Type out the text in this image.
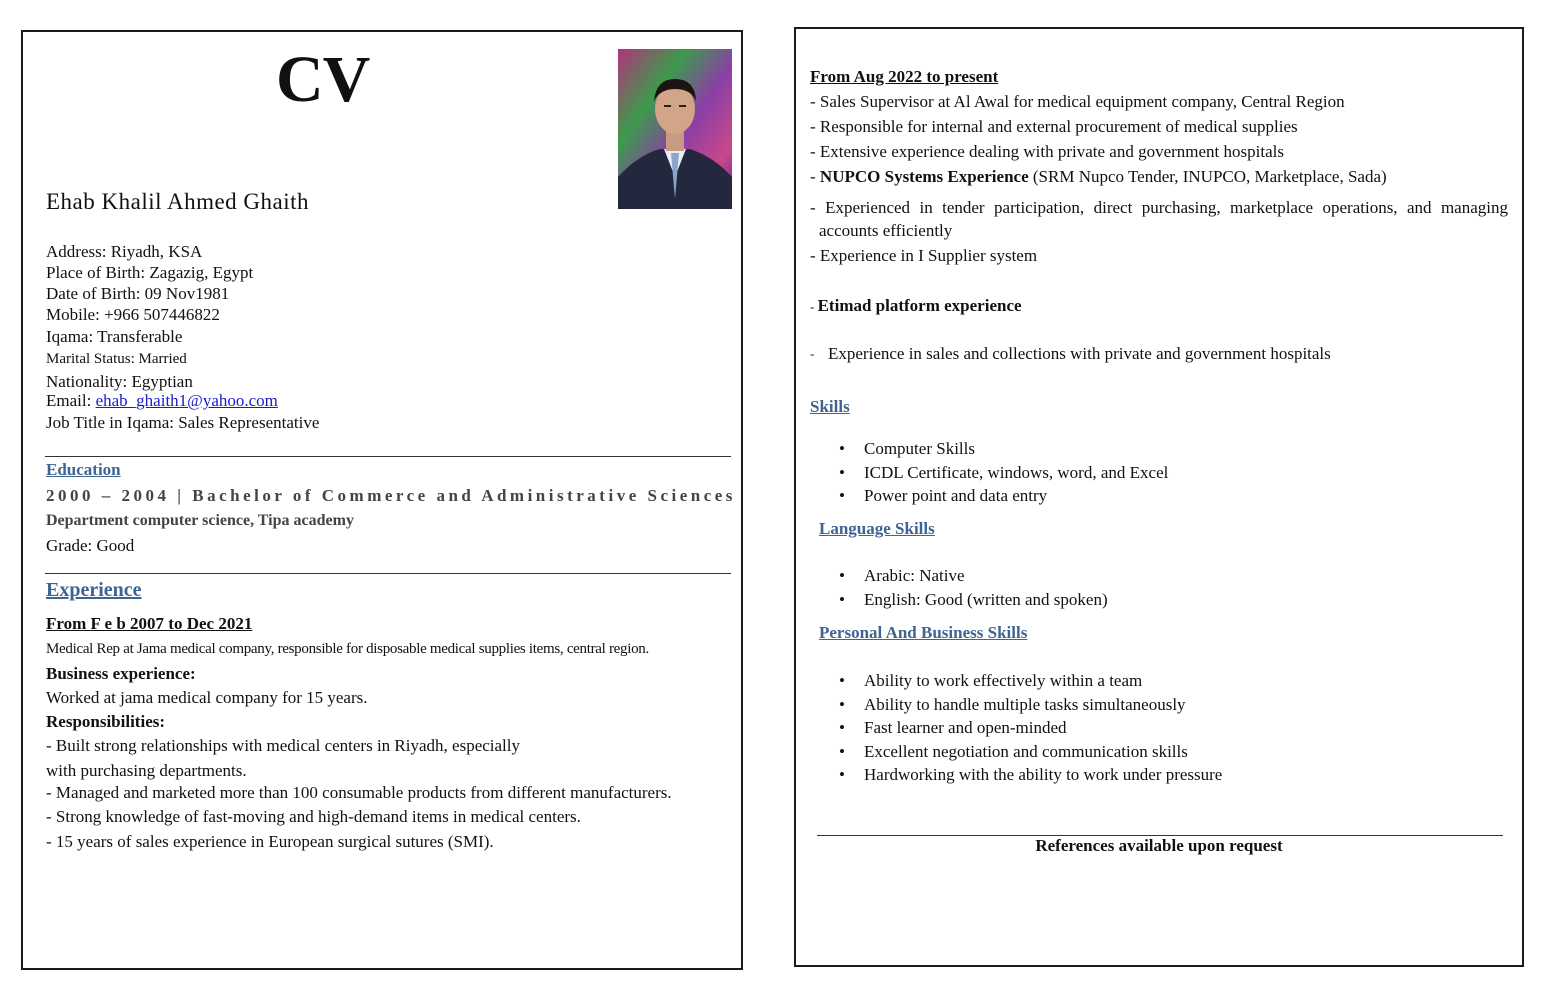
CV
Ehab Khalil Ahmed Ghaith
Address: Riyadh, KSA
Place of Birth: Zagazig, Egypt
Date of Birth: 09 Nov1981
Mobile: +966 507446822
Iqama: Transferable
Marital Status: Married
Nationality: Egyptian
Email: ehab_ghaith1@yahoo.com
Job Title in Iqama: Sales Representative
Education
2000 – 2004 | Bachelor of Commerce and Administrative Sciences
Department computer science, Tipa academy
Grade: Good
Experience
From F e b 2007 to Dec 2021
Medical Rep at Jama medical company, responsible for disposable medical supplies items, central region.
Business experience:
Worked at jama medical company for 15 years.
Responsibilities:
- Built strong relationships with medical centers in Riyadh, especially
with purchasing departments.
- Managed and marketed more than 100 consumable products from different manufacturers.
- Strong knowledge of fast-moving and high-demand items in medical centers.
- 15 years of sales experience in European surgical sutures (SMI).
From Aug 2022 to present
- Sales Supervisor at Al Awal for medical equipment company, Central Region
- Responsible for internal and external procurement of medical supplies
- Extensive experience dealing with private and government hospitals
- NUPCO Systems Experience (SRM Nupco Tender, INUPCO, Marketplace, Sada)
- Experienced in tender participation, direct purchasing, marketplace operations, and managing
accounts efficiently
- Experience in I Supplier system
- Etimad platform experience
- Experience in sales and collections with private and government hospitals
Skills
• Computer Skills
• ICDL Certificate, windows, word, and Excel
• Power point and data entry
Language Skills
• Arabic: Native
• English: Good (written and spoken)
Personal And Business Skills
• Ability to work effectively within a team
• Ability to handle multiple tasks simultaneously
• Fast learner and open-minded
• Excellent negotiation and communication skills
• Hardworking with the ability to work under pressure
References available upon request
